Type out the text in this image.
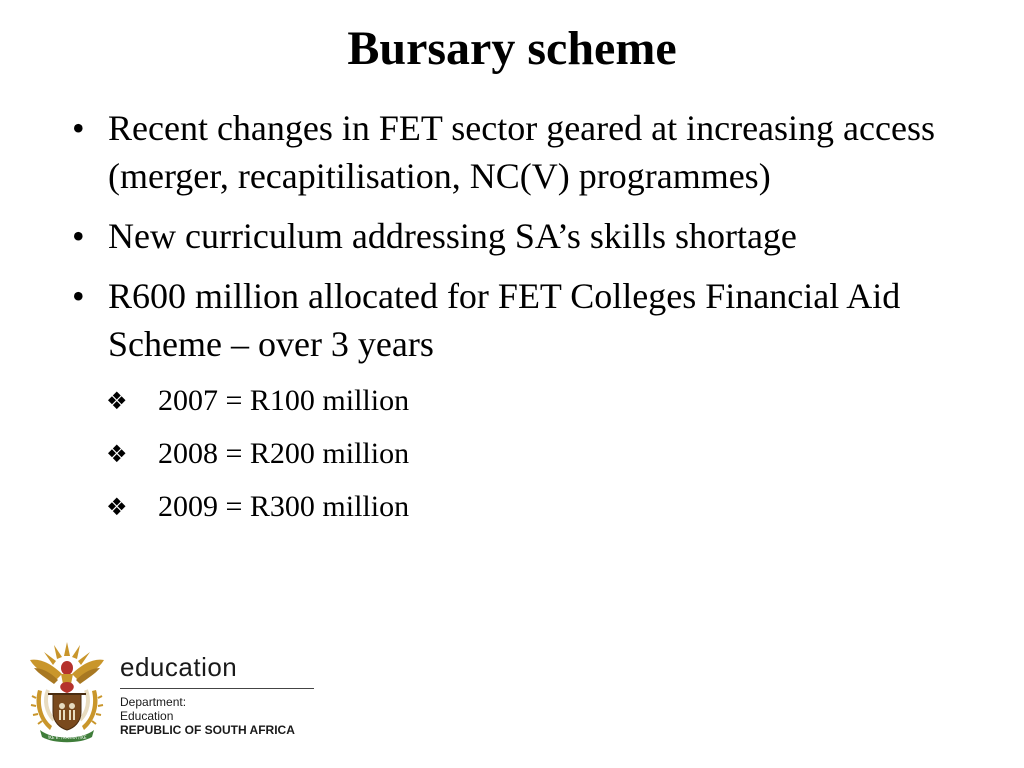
Bursary scheme
• Recent changes in FET sector geared at increasing access (merger, recapitilisation, NC(V) programmes)
• New curriculum addressing SA’s skills shortage
• R600 million allocated for FET Colleges Financial Aid Scheme – over 3 years
❖ 2007 = R100 million
❖ 2008 = R200 million
❖ 2009 = R300 million
!KE E: /XARRA //KE
education
Department:
Education
REPUBLIC OF SOUTH AFRICA
